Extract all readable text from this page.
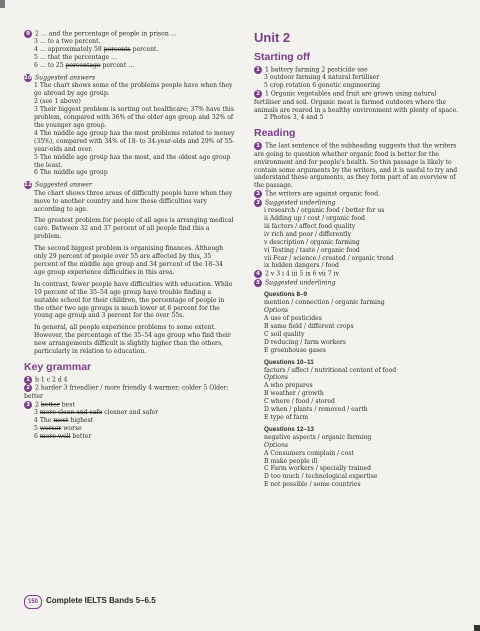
9 2 … and the percentage of people in prison …
3 … to a two percent.
4 … approximately 58 percents percent.
5 … that the percentage …
6 … to 25 percentage percent …
10 Suggested answers
1 The chart shows some of the problems people have when they go abroad by age group.
2 (see 1 above)
3 Their biggest problem is sorting out healthcare; 37% have this problem, compared with 36% of the older age group and 32% of the younger age group.
4 The middle age group has the most problems related to money (35%), compared with 34% of 18- to 34-year-olds and 29% of 55-year-olds and over.
5 The middle age group has the most, and the oldest age group the least.
6 The middle age group
11 Suggested answer
The chart shows three areas of difficulty people have when they move to another country and how these difficulties vary according to age.
The greatest problem for people of all ages is arranging medical care. Between 32 and 37 percent of all people find this a problem.
The second biggest problem is organising finances. Although only 29 percent of people over 55 are affected by this, 35 percent of the middle age group and 34 percent of the 18–34 age group experience difficulties in this area.
In contrast, fewer people have difficulties with education. While 19 percent of the 35–54 age group have trouble finding a suitable school for their children, the percentage of people in the other two age groups is much lower at 6 percent for the young age group and 3 percent for the over 55s.
In general, all people experience problems to some extent. However, the percentage of the 35–54 age group who find their new arrangements difficult is slightly higher than the others, particularly in relation to education.
Key grammar
1 b 1 c 2 d 4
2 2 harder 3 friendlier / more friendly 4 warmer; colder 5 Older; better
3 2 better best
3 more clean and safe cleaner and safer
4 The most highest
5 worser worse
6 more well better
Unit 2
Starting off
1 1 battery farming 2 pesticide use
3 outdoor farming 4 natural fertiliser
5 crop rotation 6 genetic engineering
2 1 Organic vegetables and fruit are grown using natural fertiliser and soil. Organic meat is farmed outdoors where the animals are reared in a healthy environment with plenty of space.
2 Photos 3, 4 and 5
Reading
1 The last sentence of the subheading suggests that the writers are going to question whether organic food is better for the environment and for people's health. So this passage is likely to contain some arguments by the writers, and it is useful to try and understand these arguments, as they form part of an overview of the passage.
2 The writers are against organic food.
3 Suggested underlining
i research / organic food / better for us
ii Adding up / cost / organic food
iii factors / affect food quality
iv rich and poor / differently
v description / organic farming
vi Testing / taste / organic food
vii Fear / science / created / organic trend
ix hidden dangers / food
4 2 v 3 i 4 iii 5 ix 6 vii 7 iv
5 Suggested underlining
Questions 8–9
mention / connection / organic farming
Options
A use of pesticides
B same field / different crops
C soil quality
D reducing / farm workers
E greenhouse gases
Questions 10–11
factors / affect / nutritional content of food
Options
A who prepares
B weather / growth
C where / food / stored
D when / plants / removed / earth
E type of farm
Questions 12–13
negative aspects / organic farming
Options
A Consumers complain / cost
B make people ill
C Farm workers / specially trained
D too much / technological expertise
E not possible / some countries
150 Complete IELTS Bands 5–6.5
